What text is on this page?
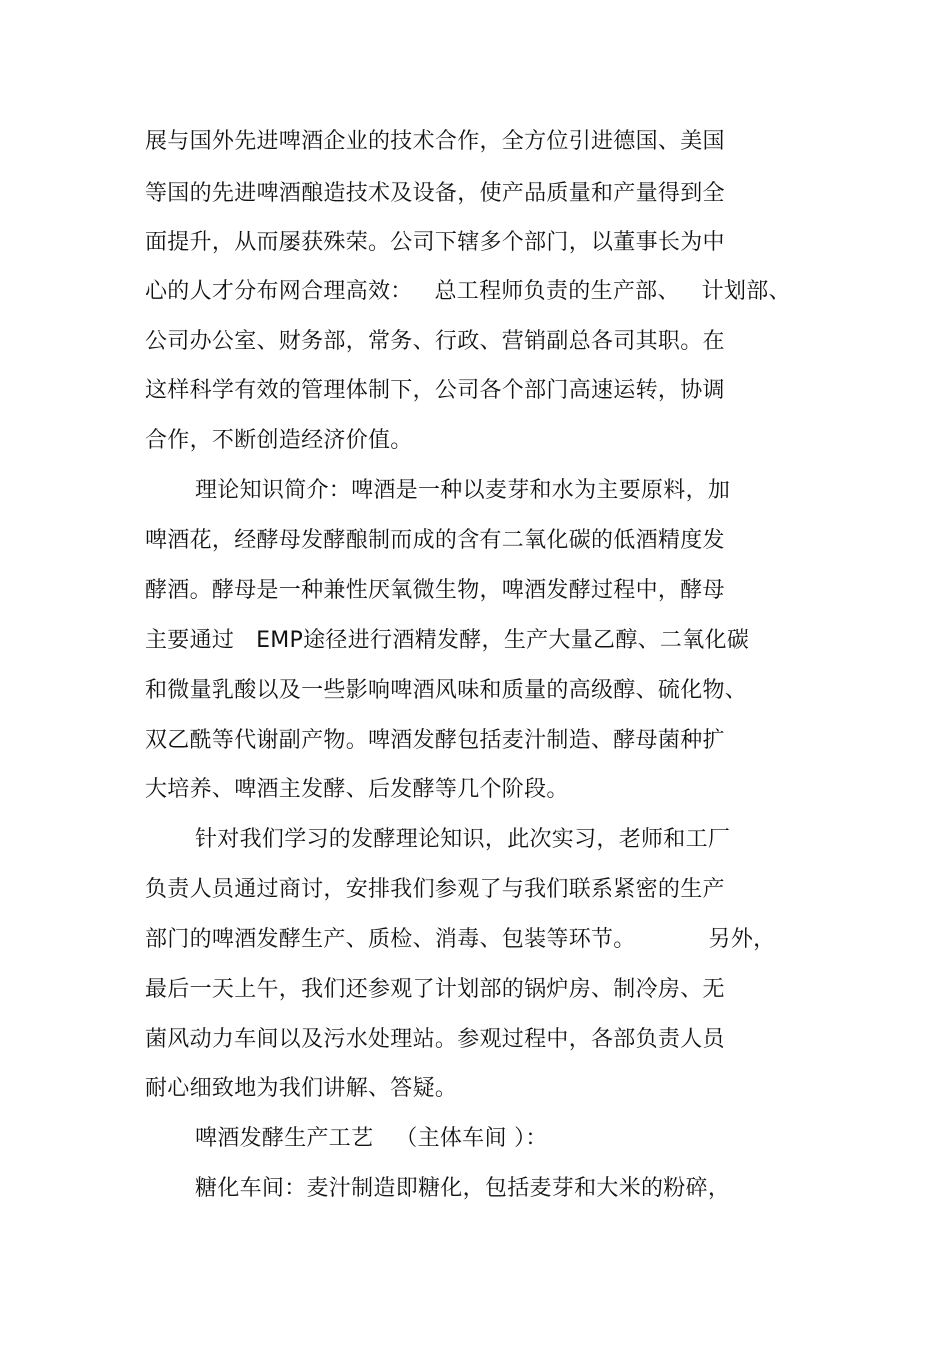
展与国外先进啤酒企业的技术合作，全方位引进德国、美国
等国的先进啤酒酿造技术及设备，使产品质量和产量得到全
面提升，从而屡获殊荣。公司下辖多个部门，以董事长为中
心的人才分布网合理高效：   总工程师负责的生产部、   计划部、
公司办公室、财务部，常务、行政、营销副总各司其职。在
这样科学有效的管理体制下，公司各个部门高速运转，协调
合作，不断创造经济价值。
理论知识简介：啤酒是一种以麦芽和水为主要原料，加
啤酒花，经酵母发酵酿制而成的含有二氧化碳的低酒精度发
酵酒。酵母是一种兼性厌氧微生物，啤酒发酵过程中，酵母
主要通过   EMP途径进行酒精发酵，生产大量乙醇、二氧化碳
和微量乳酸以及一些影响啤酒风味和质量的高级醇、硫化物、
双乙酰等代谢副产物。啤酒发酵包括麦汁制造、酵母菌种扩
大培养、啤酒主发酵、后发酵等几个阶段。
针对我们学习的发酵理论知识，此次实习，老师和工厂
负责人员通过商讨，安排我们参观了与我们联系紧密的生产
部门的啤酒发酵生产、质检、消毒、包装等环节。          另外，
最后一天上午，我们还参观了计划部的锅炉房、制冷房、无
菌风动力车间以及污水处理站。参观过程中，各部负责人员
耐心细致地为我们讲解、答疑。
啤酒发酵生产工艺   （主体车间 ）：
糖化车间：麦汁制造即糖化，包括麦芽和大米的粉碎，
